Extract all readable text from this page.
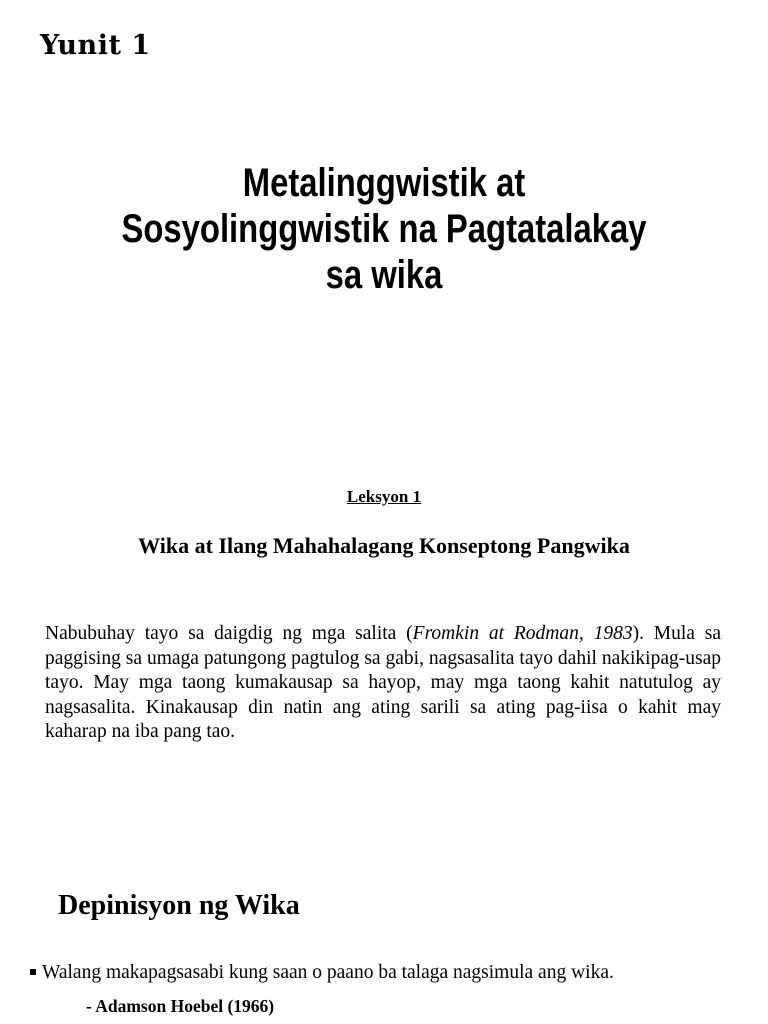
Yunit 1
Metalinggwistik at
Sosyolinggwistik na Pagtatalakay
sa wika
Leksyon 1
Wika at Ilang Mahahalagang Konseptong Pangwika

Nabubuhay tayo sa daigdig ng mga salita (Fromkin at Rodman, 1983). Mula sa paggising sa umaga patungong pagtulog sa gabi, nagsasalita tayo dahil nakikipag-usap tayo. May mga taong kumakausap sa hayop, may mga taong kahit natutulog ay nagsasalita. Kinakausap din natin ang ating sarili sa ating pag-iisa o kahit may kaharap na iba pang tao.

Depinisyon ng Wika
Walang makapagsasabi kung saan o paano ba talaga nagsimula ang wika.
- Adamson Hoebel (1966)
